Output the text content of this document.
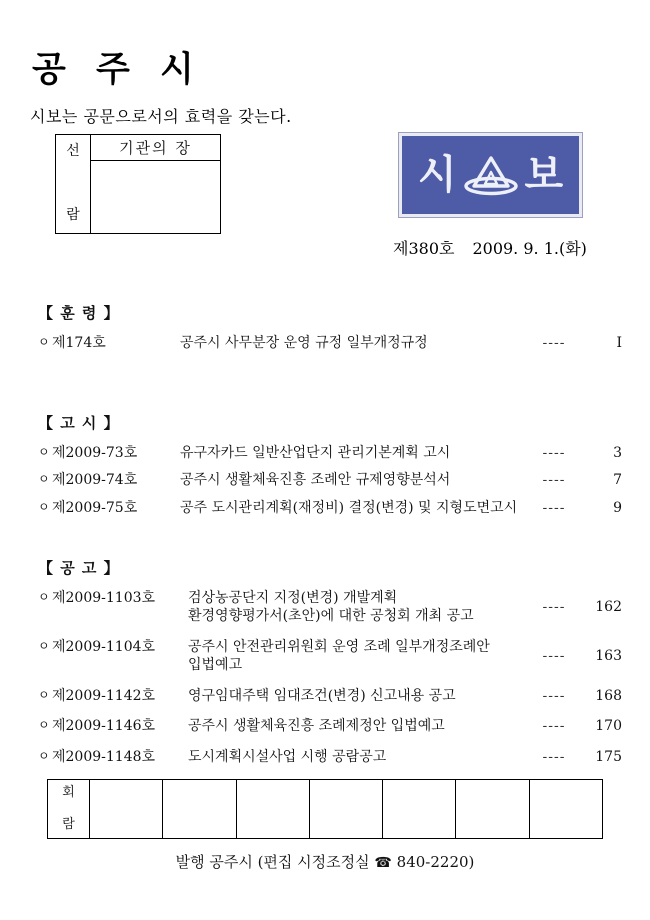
공 주 시
시보는 공문으로서의 효력을 갖는다.
선
람
기관의 장
시 보
제380호 2009. 9. 1.(화)
【 훈 령 】
ㅇ 제174호	공주시 사무분장 운영 규정 일부개정규정	----	I
【 고 시 】
ㅇ 제2009-73호	유구자카드 일반산업단지 관리기본계획 고시	----	3
ㅇ 제2009-74호	공주시 생활체육진흥 조례안 규제영향분석서	----	7
ㅇ 제2009-75호	공주 도시관리계획(재정비) 결정(변경) 및 지형도면고시	----	9
【 공 고 】
ㅇ 제2009-1103호	검상농공단지 지정(변경) 개발계획
환경영향평가서(초안)에 대한 공청회 개최 공고
----	162
ㅇ 제2009-1104호	공주시 안전관리위원회 운영 조례 일부개정조례안
입법예고
----	163
ㅇ 제2009-1142호	영구임대주택 임대조건(변경) 신고내용 공고	----	168
ㅇ 제2009-1146호	공주시 생활체육진흥 조례제정안 입법예고	----	170
ㅇ 제2009-1148호	도시계획시설사업 시행 공람공고	----	175
회
람
발행 공주시 (편집 시정조정실 ☎ 840-2220)
